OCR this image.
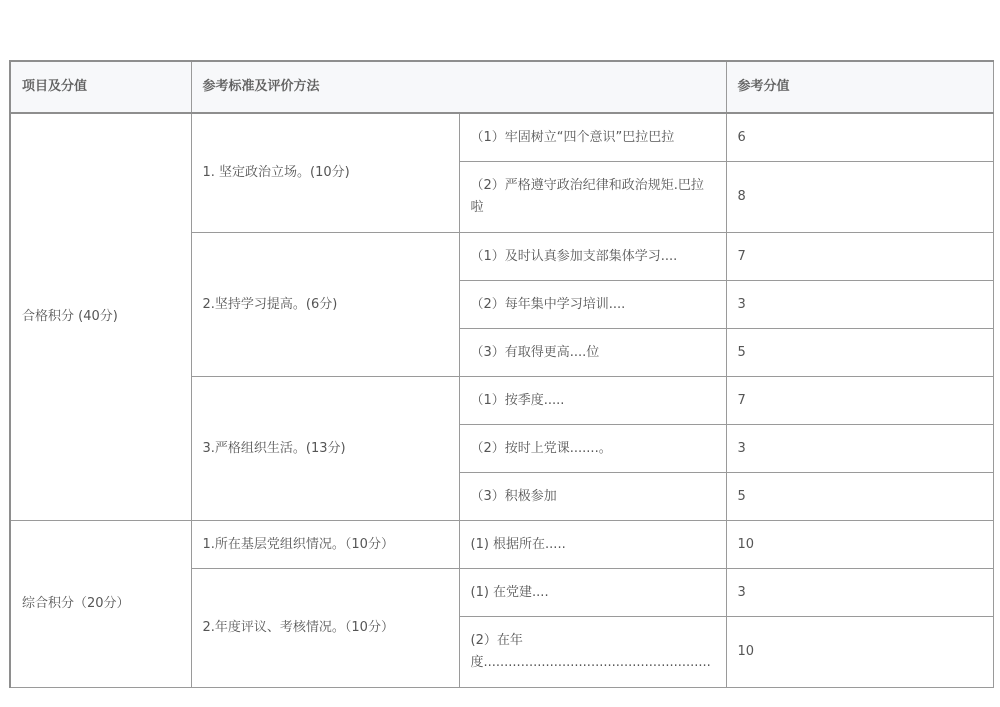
项目及分值	参考标准及评价方法		参考分值
合格积分 (40分)	1. 坚定政治立场。(10分)	（1）牢固树立“四个意识”巴拉巴拉	6
		（2）严格遵守政治纪律和政治规矩.巴拉啦	8
	2.坚持学习提高。(6分)	（1）及时认真参加支部集体学习....	7
		（2）每年集中学习培训....	3
		（3）有取得更高....位	5
	3.严格组织生活。(13分)	（1）按季度.....	7
		（2）按时上党课.......。	3
		（3）积极参加	5
综合积分（20分）	1.所在基层党组织情况。（10分）	(1) 根据所在.....	10
	2.年度评议、考核情况。（10分）	(1) 在党建....	3
		(2）在年度.......................................................	10
